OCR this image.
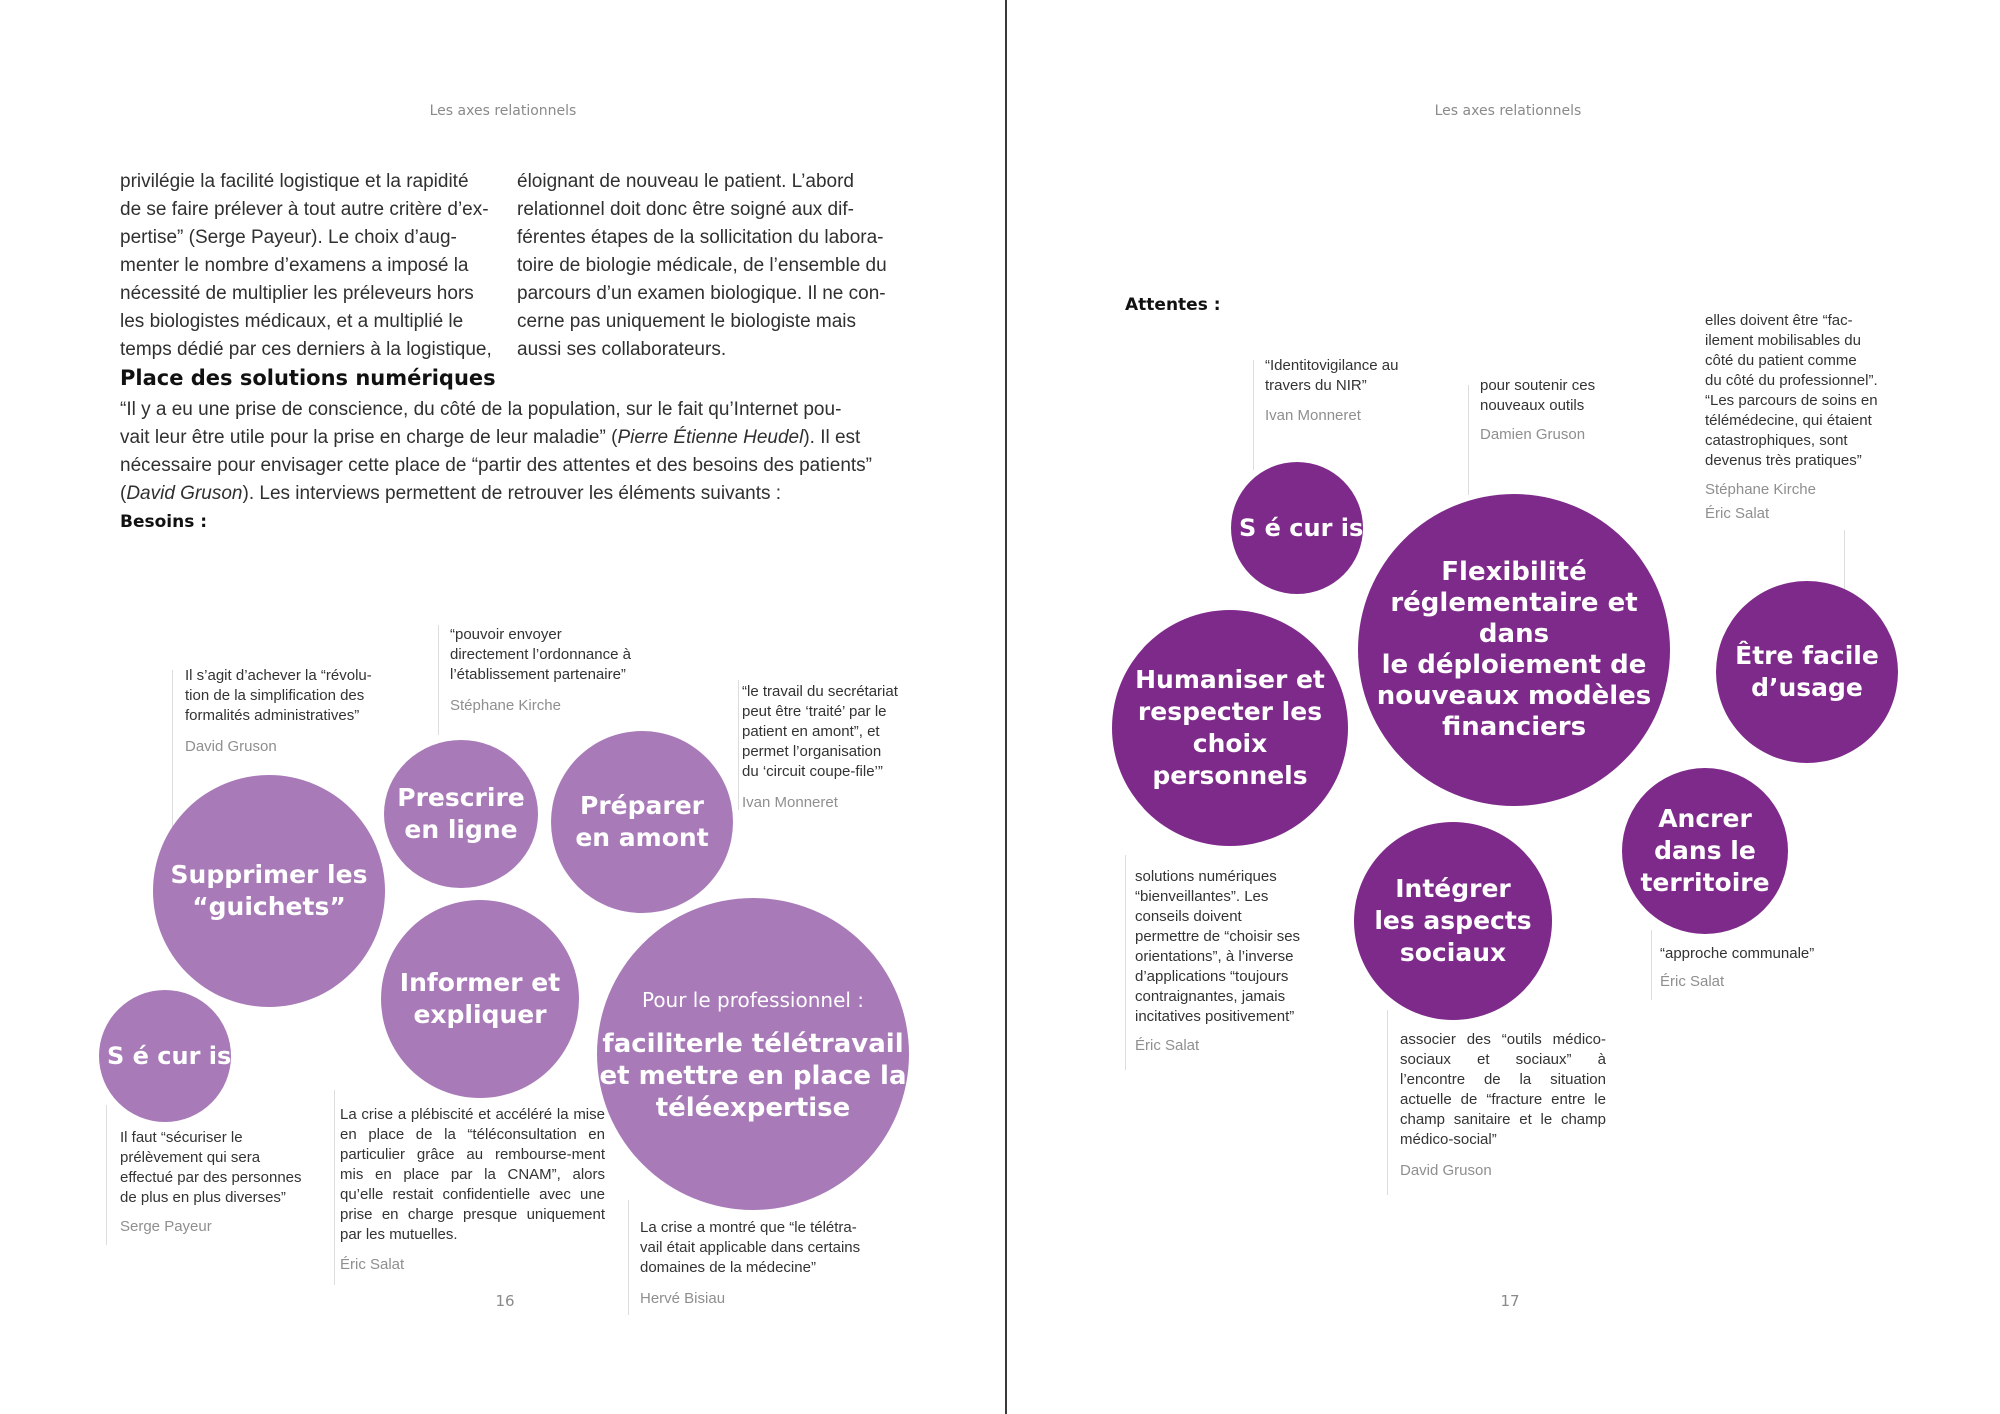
Les axes relationnels
privilégie la facilité logistique et la rapidité
de se faire prélever à tout autre critère d’ex-
pertise” (Serge Payeur). Le choix d’aug-
menter le nombre d’examens a imposé la
nécessité de multiplier les préleveurs hors
les biologistes médicaux, et a multiplié le
temps dédié par ces derniers à la logistique,
éloignant de nouveau le patient. L’abord
relationnel doit donc être soigné aux dif-
férentes étapes de la sollicitation du labora-
toire de biologie médicale, de l’ensemble du
parcours d’un examen biologique. Il ne con-
cerne pas uniquement le biologiste mais
aussi ses collaborateurs.
Place des solutions numériques
“Il y a eu une prise de conscience, du côté de la population, sur le fait qu’Internet pou-
vait leur être utile pour la prise en charge de leur maladie” (Pierre Étienne Heudel). Il est
nécessaire pour envisager cette place de “partir des attentes et des besoins des patients”
(David Gruson). Les interviews permettent de retrouver les éléments suivants :
Besoins :
Il s’agit d’achever la “révolu-
tion de la simplification des
formalités administratives”
David Gruson
“pouvoir envoyer
directement l’ordonnance à
l’établissement partenaire”
Stéphane Kirche
“le travail du secrétariat
peut être ‘traité’ par le
patient en amont”, et
permet l’organisation
du ‘circuit coupe-file’”
Ivan Monneret
Il faut “sécuriser le
prélèvement qui sera
effectué par des personnes
de plus en plus diverses”
Serge Payeur
La crise a plébiscité et accéléré la mise en place de la “téléconsultation en particulier grâce au rembourse-ment mis en place par la CNAM”, alors qu’elle restait confidentielle avec une prise en charge presque uniquement par les mutuelles.
Éric Salat
La crise a montré que “le télétra-
vail était applicable dans certains
domaines de la médecine”
Hervé Bisiau
Supprimer les
“guichets”
S é cur ise
Prescrire
en ligne
Préparer
en amont
Informer et
expliquer	Pour le professionnel :
faciliterle télétravail
et mettre en place la
téléexpertise
16
Les axes relationnels
Attentes :
“Identitovigilance au
travers du NIR”
Ivan Monneret
pour soutenir ces
nouveaux outils
Damien Gruson
elles doivent être “fac-
ilement mobilisables du
côté du patient comme
du côté du professionnel”.
“Les parcours de soins en
télémédecine, qui étaient
catastrophiques, sont
devenus très pratiques”
Stéphane Kirche
Éric Salat
solutions numériques
“bienveillantes”. Les
conseils doivent
permettre de “choisir ses
orientations”, à l’inverse
d’applications “toujours
contraignantes, jamais
incitatives positivement”
Éric Salat	associer des “outils médico-sociaux et sociaux” à l’encontre de la situation actuelle de “fracture entre le champ sanitaire et le champ médico-social”
David Gruson
“approche communale”
Éric Salat
S é cur ise
Flexibilité
réglementaire et dans
le déploiement de
nouveaux modèles
financiers
Humaniser et
respecter les
choix
personnels
Être facile
d’usage
Intégrer
les aspects
sociaux
Ancrer
dans le
territoire
17
